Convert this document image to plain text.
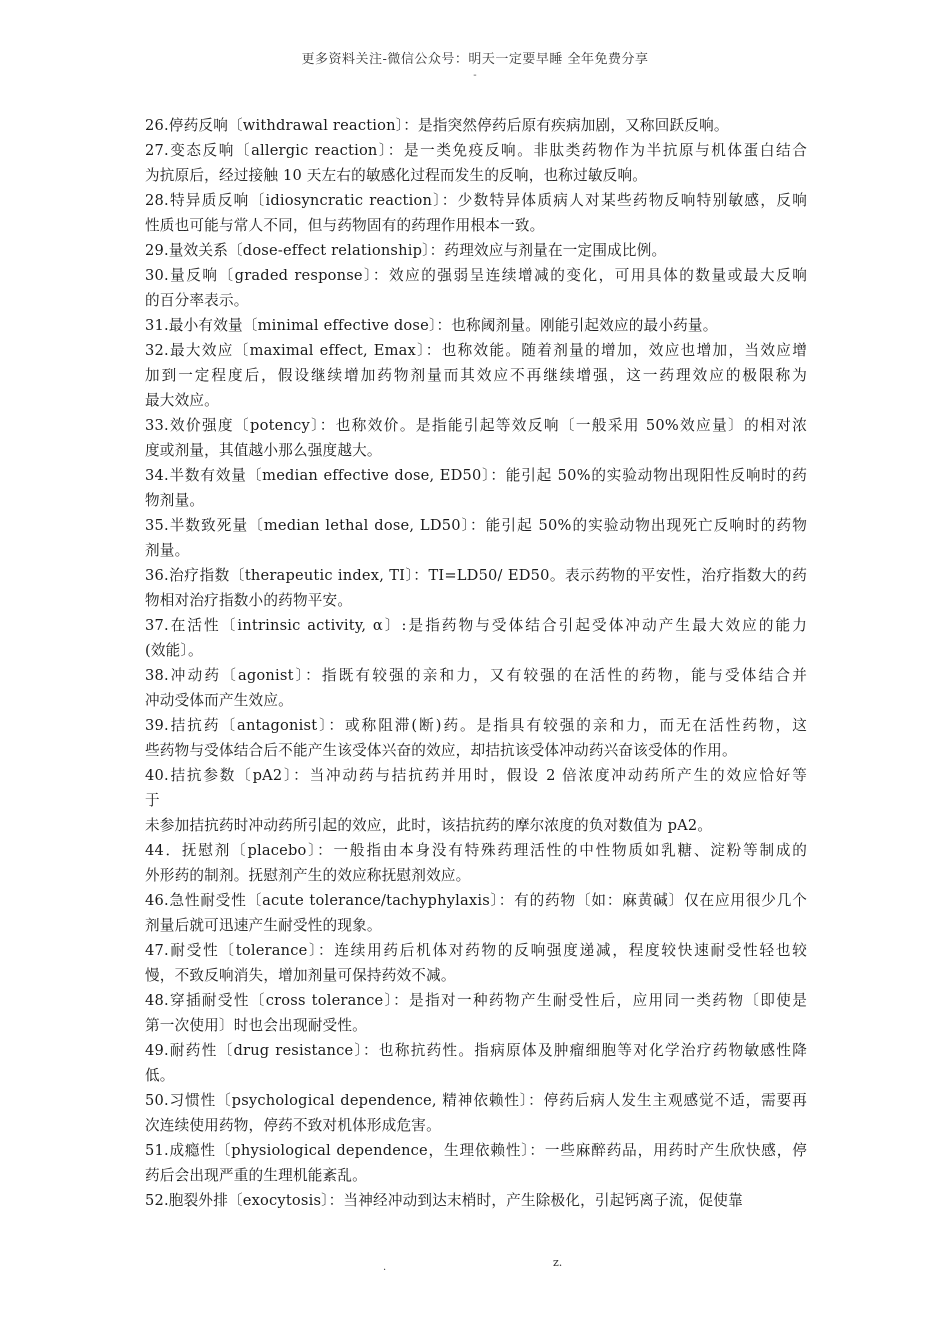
更多资料关注-微信公众号：明天一定要早睡 全年免费分享
-
26.停药反响〔withdrawal reaction〕：是指突然停药后原有疾病加剧，又称回跃反响。
27.变态反响〔allergic reaction〕：是一类免疫反响。非肽类药物作为半抗原与机体蛋白结合
为抗原后，经过接触 10 天左右的敏感化过程而发生的反响，也称过敏反响。
28.特异质反响〔idiosyncratic reaction〕：少数特异体质病人对某些药物反响特别敏感，反响
性质也可能与常人不同，但与药物固有的药理作用根本一致。
29.量效关系〔dose-effect relationship〕：药理效应与剂量在一定围成比例。
30.量反响〔graded response〕：效应的强弱呈连续增减的变化，可用具体的数量或最大反响
的百分率表示。
31.最小有效量〔minimal effective dose〕：也称阈剂量。刚能引起效应的最小药量。
32.最大效应〔maximal effect, Emax〕：也称效能。随着剂量的增加，效应也增加，当效应增
加到一定程度后，假设继续增加药物剂量而其效应不再继续增强，这一药理效应的极限称为
最大效应。
33.效价强度〔potency〕：也称效价。是指能引起等效反响〔一般采用 50%效应量〕的相对浓
度或剂量，其值越小那么强度越大。
34.半数有效量〔median effective dose, ED50〕：能引起 50%的实验动物出现阳性反响时的药
物剂量。
35.半数致死量〔median lethal dose, LD50〕：能引起 50%的实验动物出现死亡反响时的药物
剂量。
36.治疗指数〔therapeutic index, TI〕：TI=LD50/ ED50。表示药物的平安性，治疗指数大的药
物相对治疗指数小的药物平安。
37.在活性〔intrinsic activity, α〕:是指药物与受体结合引起受体冲动产生最大效应的能力
(效能〕。
38.冲动药〔agonist〕：指既有较强的亲和力，又有较强的在活性的药物，能与受体结合并
冲动受体而产生效应。
39.拮抗药〔antagonist〕：或称阻滞(断)药。是指具有较强的亲和力，而无在活性药物，这
些药物与受体结合后不能产生该受体兴奋的效应，却拮抗该受体冲动药兴奋该受体的作用。
40.拮抗参数〔pA2〕：当冲动药与拮抗药并用时，假设 2 倍浓度冲动药所产生的效应恰好等
于
未参加拮抗药时冲动药所引起的效应，此时，该拮抗药的摩尔浓度的负对数值为 pA2。
44．抚慰剂〔placebo〕：一般指由本身没有特殊药理活性的中性物质如乳糖、淀粉等制成的
外形药的制剂。抚慰剂产生的效应称抚慰剂效应。
46.急性耐受性〔acute tolerance/tachyphylaxis〕：有的药物〔如：麻黄碱〕仅在应用很少几个
剂量后就可迅速产生耐受性的现象。
47.耐受性〔tolerance〕：连续用药后机体对药物的反响强度递减，程度较快速耐受性轻也较
慢，不致反响消失，增加剂量可保持药效不减。
48.穿插耐受性〔cross tolerance〕：是指对一种药物产生耐受性后，应用同一类药物〔即使是
第一次使用〕时也会出现耐受性。
49.耐药性〔drug resistance〕：也称抗药性。指病原体及肿瘤细胞等对化学治疗药物敏感性降
低。
50.习惯性〔psychological dependence, 精神依赖性〕：停药后病人发生主观感觉不适，需要再
次连续使用药物，停药不致对机体形成危害。
51.成瘾性〔physiological dependence，生理依赖性〕：一些麻醉药品，用药时产生欣快感，停
药后会出现严重的生理机能紊乱。
52.胞裂外排〔exocytosis〕：当神经冲动到达末梢时，产生除极化，引起钙离子流，促使靠
.	z.
